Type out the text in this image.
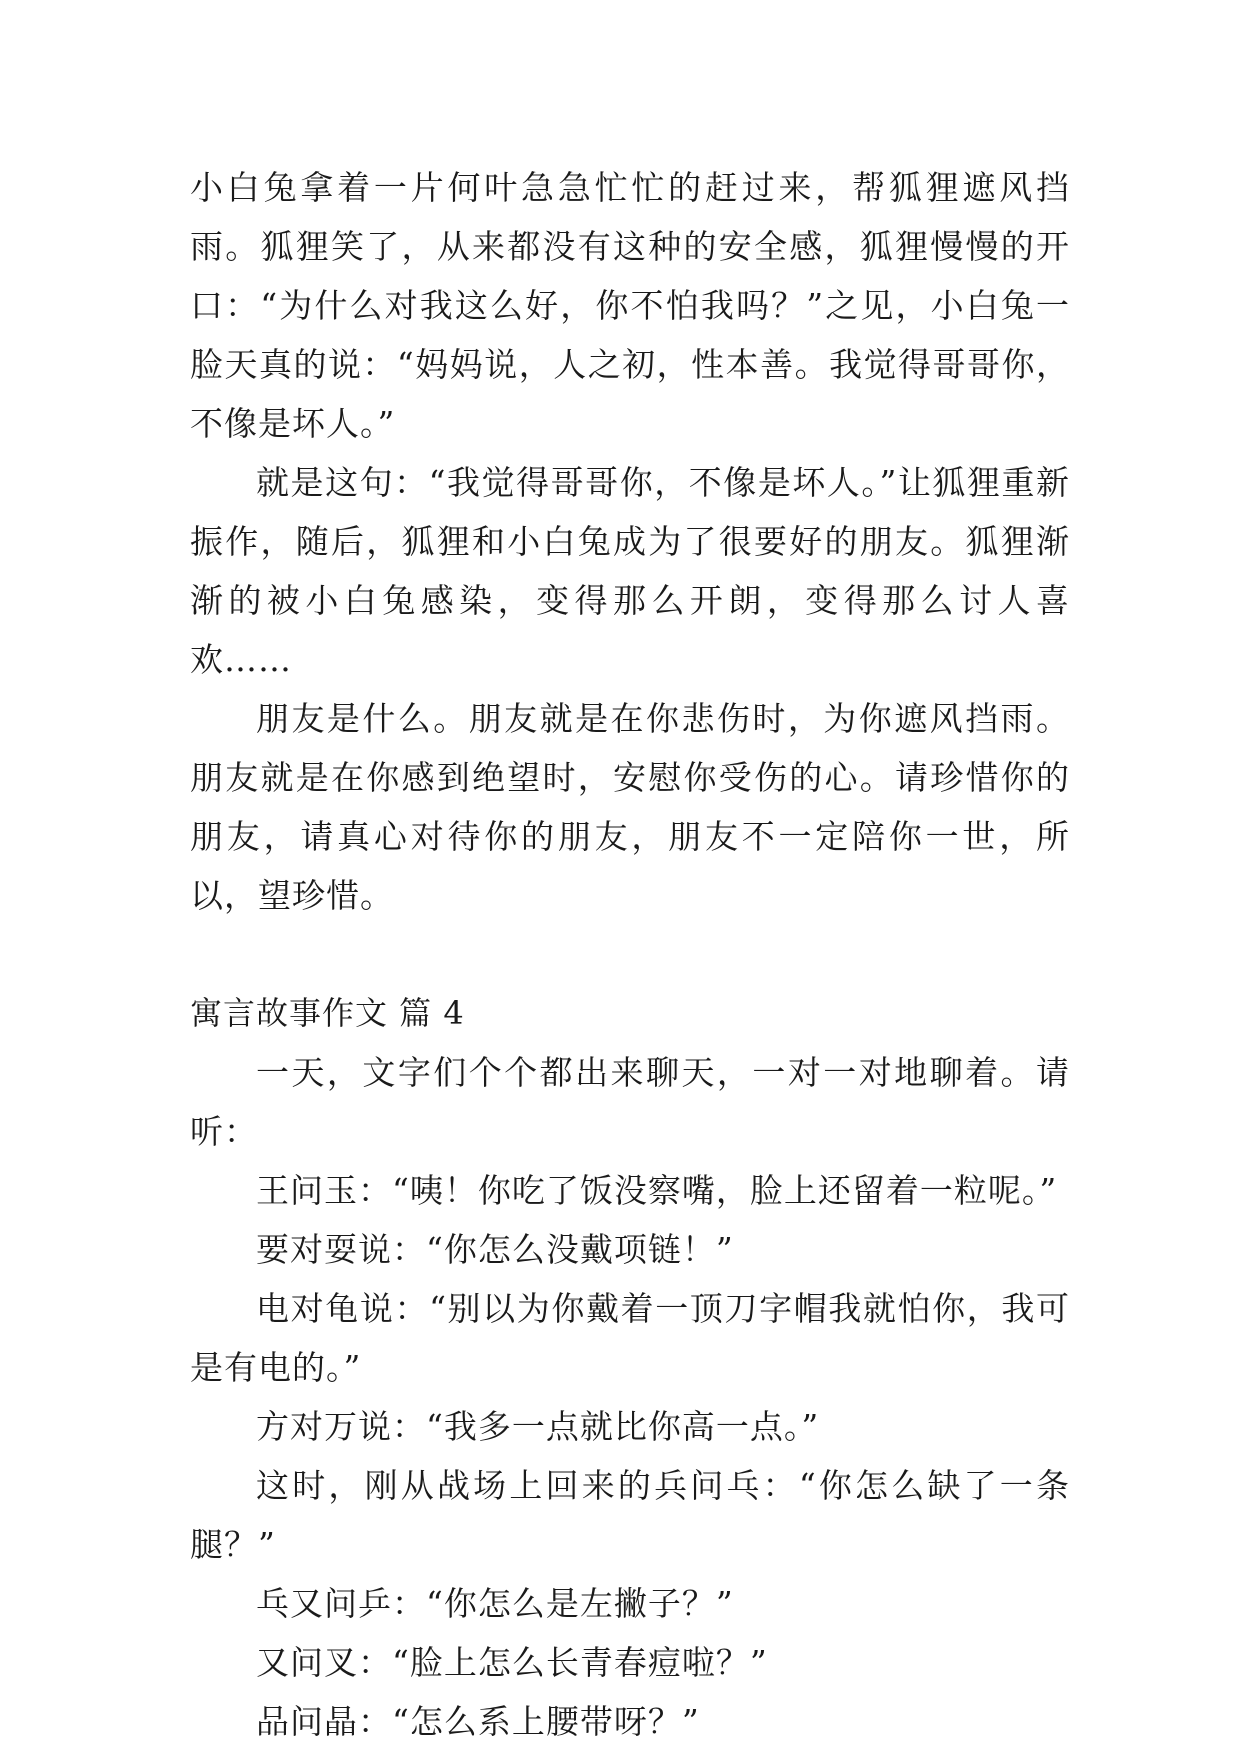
小白兔拿着一片何叶急急忙忙的赶过来，帮狐狸遮风挡雨。狐狸笑了，从来都没有这种的安全感，狐狸慢慢的开口：“为什么对我这么好，你不怕我吗？”之见，小白兔一脸天真的说：“妈妈说，人之初，性本善。我觉得哥哥你，不像是坏人。”

就是这句：“我觉得哥哥你，不像是坏人。”让狐狸重新振作，随后，狐狸和小白兔成为了很要好的朋友。狐狸渐渐的被小白兔感染，变得那么开朗，变得那么讨人喜欢……

朋友是什么。朋友就是在你悲伤时，为你遮风挡雨。朋友就是在你感到绝望时，安慰你受伤的心。请珍惜你的朋友，请真心对待你的朋友，朋友不一定陪你一世，所以，望珍惜。

寓言故事作文 篇 4

一天，文字们个个都出来聊天，一对一对地聊着。请听：

王问玉：“咦！你吃了饭没察嘴，脸上还留着一粒呢。”

要对耍说：“你怎么没戴项链！”

电对龟说：“别以为你戴着一顶刀字帽我就怕你，我可是有电的。”

方对万说：“我多一点就比你高一点。”

这时，刚从战场上回来的兵问乓：“你怎么缺了一条腿？”

乓又问乒：“你怎么是左撇子？”

又问叉：“脸上怎么长青春痘啦？”

品问晶：“怎么系上腰带呀？”
